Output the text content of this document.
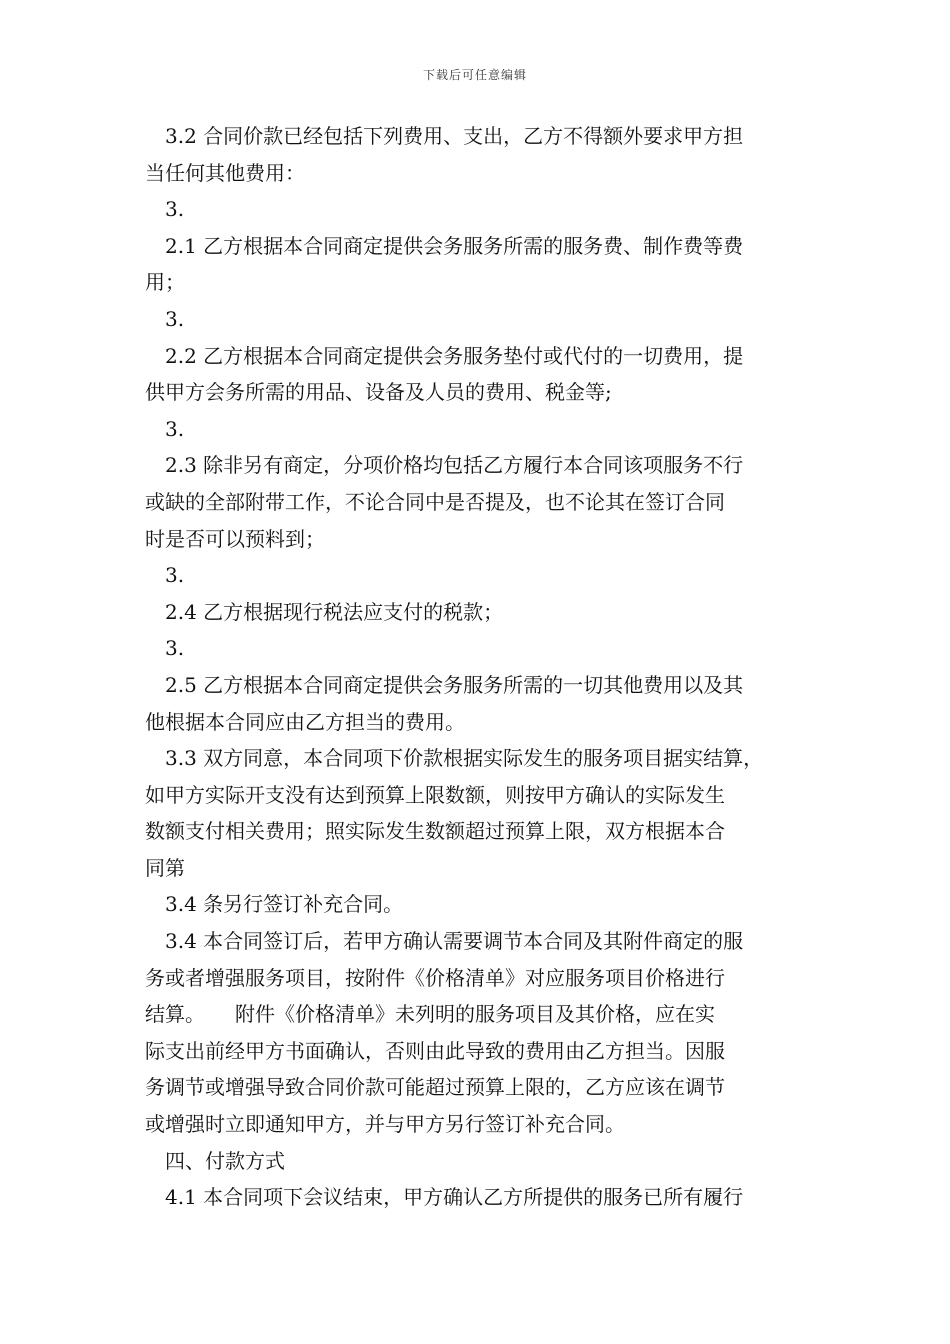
下载后可任意编辑
3.2 合同价款已经包括下列费用、支出，乙方不得额外要求甲方担
当任何其他费用：
3.
2.1 乙方根据本合同商定提供会务服务所需的服务费、制作费等费
用；
3.
2.2 乙方根据本合同商定提供会务服务垫付或代付的一切费用，提
供甲方会务所需的用品、设备及人员的费用、税金等;
3.
2.3 除非另有商定，分项价格均包括乙方履行本合同该项服务不行
或缺的全部附带工作，不论合同中是否提及，也不论其在签订合同
时是否可以预料到；
3.
2.4 乙方根据现行税法应支付的税款；
3.
2.5 乙方根据本合同商定提供会务服务所需的一切其他费用以及其
他根据本合同应由乙方担当的费用。
3.3 双方同意，本合同项下价款根据实际发生的服务项目据实结算，
如甲方实际开支没有达到预算上限数额，则按甲方确认的实际发生
数额支付相关费用；照实际发生数额超过预算上限，双方根据本合
同第
3.4 条另行签订补充合同。
3.4 本合同签订后，若甲方确认需要调节本合同及其附件商定的服
务或者增强服务项目，按附件《价格清单》对应服务项目价格进行
结算。　　附件《价格清单》未列明的服务项目及其价格，应在实
际支出前经甲方书面确认，否则由此导致的费用由乙方担当。因服
务调节或增强导致合同价款可能超过预算上限的，乙方应该在调节
或增强时立即通知甲方，并与甲方另行签订补充合同。
四、付款方式
4.1 本合同项下会议结束，甲方确认乙方所提供的服务已所有履行
